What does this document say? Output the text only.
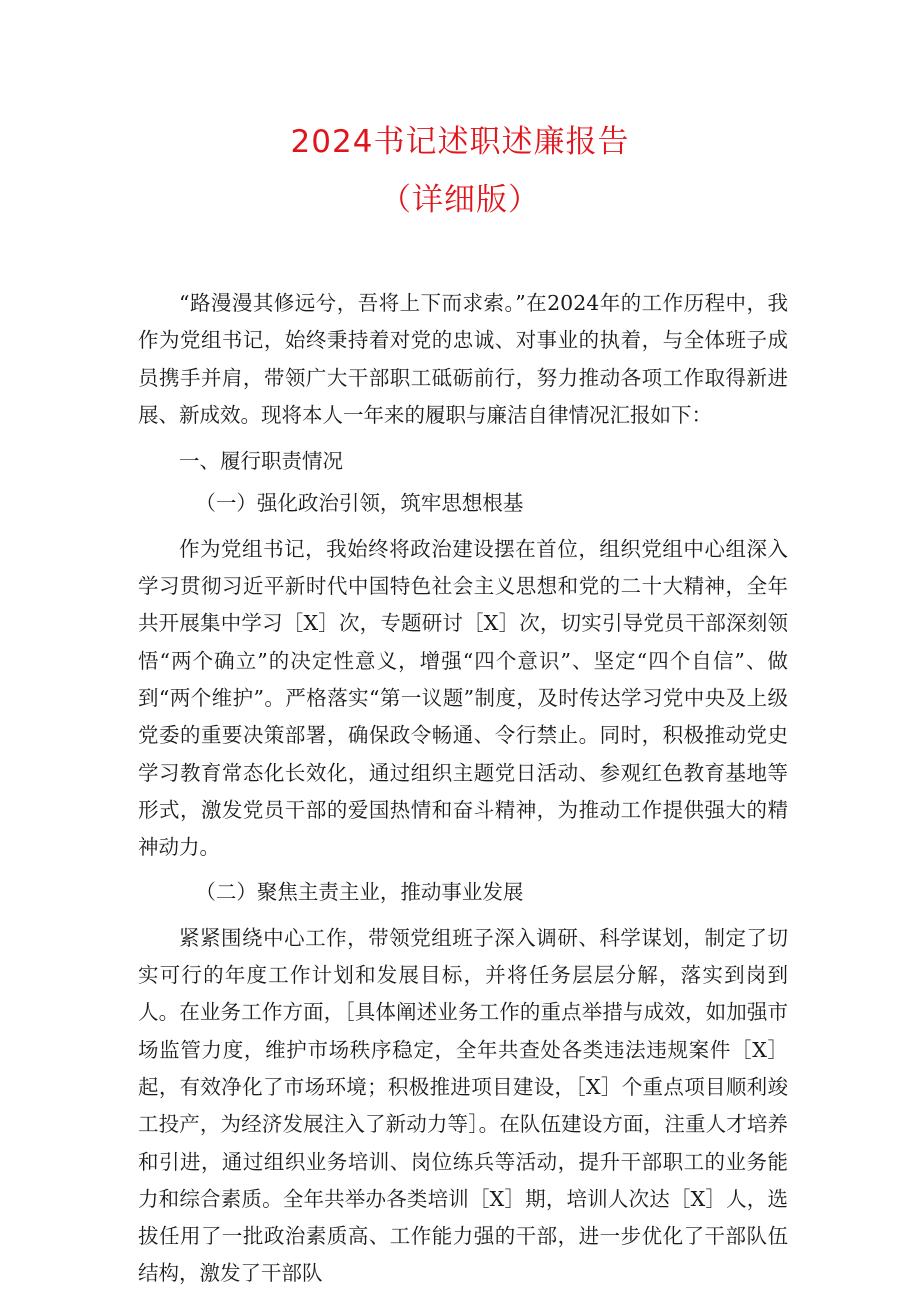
2024书记述职述廉报告
（详细版）

“路漫漫其修远兮，吾将上下而求索。”在2024年的工作历程中，我作为党组书记，始终秉持着对党的忠诚、对事业的执着，与全体班子成员携手并肩，带领广大干部职工砥砺前行，努力推动各项工作取得新进展、新成效。现将本人一年来的履职与廉洁自律情况汇报如下：

一、履行职责情况

（一）强化政治引领，筑牢思想根基

作为党组书记，我始终将政治建设摆在首位，组织党组中心组深入学习贯彻习近平新时代中国特色社会主义思想和党的二十大精神，全年共开展集中学习［X］次，专题研讨［X］次，切实引导党员干部深刻领悟“两个确立”的决定性意义，增强“四个意识”、坚定“四个自信”、做到“两个维护”。严格落实“第一议题”制度，及时传达学习党中央及上级党委的重要决策部署，确保政令畅通、令行禁止。同时，积极推动党史学习教育常态化长效化，通过组织主题党日活动、参观红色教育基地等形式，激发党员干部的爱国热情和奋斗精神，为推动工作提供强大的精神动力。

（二）聚焦主责主业，推动事业发展

紧紧围绕中心工作，带领党组班子深入调研、科学谋划，制定了切实可行的年度工作计划和发展目标，并将任务层层分解，落实到岗到人。在业务工作方面，［具体阐述业务工作的重点举措与成效，如加强市场监管力度，维护市场秩序稳定，全年共查处各类违法违规案件［X］起，有效净化了市场环境；积极推进项目建设，［X］个重点项目顺利竣工投产，为经济发展注入了新动力等］。在队伍建设方面，注重人才培养和引进，通过组织业务培训、岗位练兵等活动，提升干部职工的业务能力和综合素质。全年共举办各类培训［X］期，培训人次达［X］人，选拔任用了一批政治素质高、工作能力强的干部，进一步优化了干部队伍结构，激发了干部队
